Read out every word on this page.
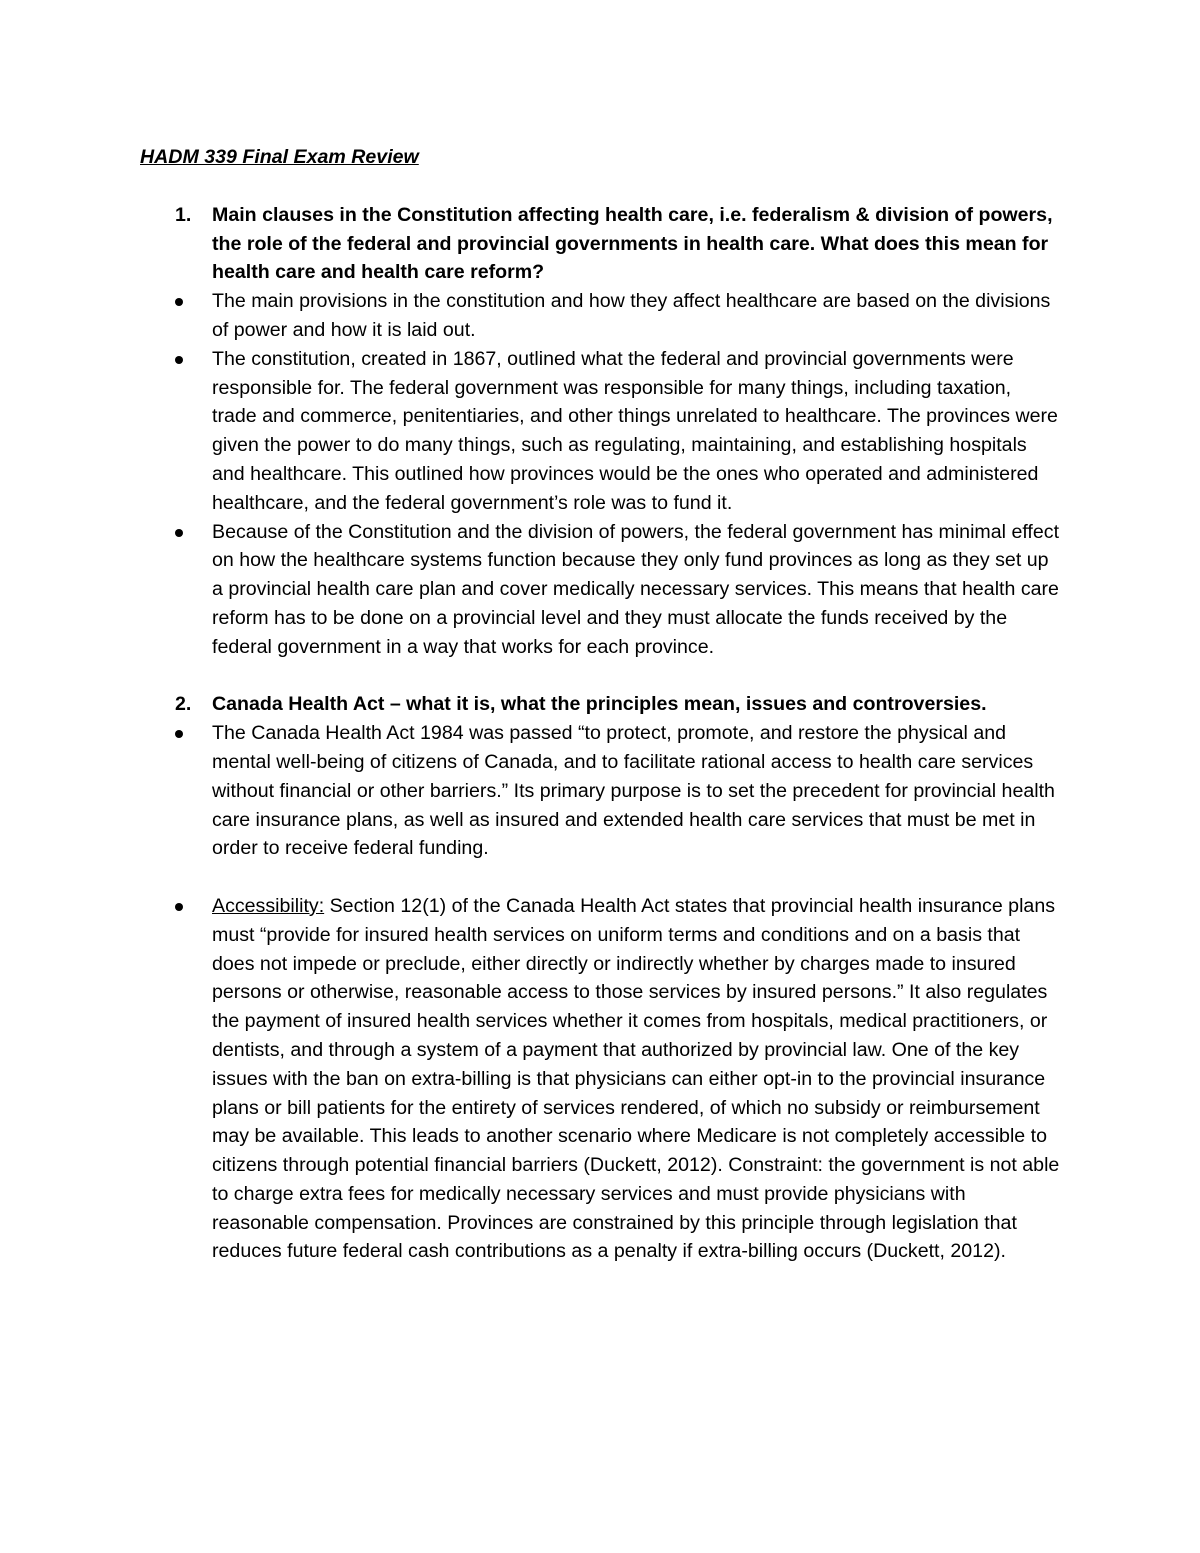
HADM 339 Final Exam Review
1. Main clauses in the Constitution affecting health care, i.e. federalism & division of powers, the role of the federal and provincial governments in health care. What does this mean for health care and health care reform?
The main provisions in the constitution and how they affect healthcare are based on the divisions of power and how it is laid out.
The constitution, created in 1867, outlined what the federal and provincial governments were responsible for. The federal government was responsible for many things, including taxation, trade and commerce, penitentiaries, and other things unrelated to healthcare. The provinces were given the power to do many things, such as regulating, maintaining, and establishing hospitals and healthcare. This outlined how provinces would be the ones who operated and administered healthcare, and the federal government’s role was to fund it.
Because of the Constitution and the division of powers, the federal government has minimal effect on how the healthcare systems function because they only fund provinces as long as they set up a provincial health care plan and cover medically necessary services. This means that health care reform has to be done on a provincial level and they must allocate the funds received by the federal government in a way that works for each province.
2. Canada Health Act – what it is, what the principles mean, issues and controversies.
The Canada Health Act 1984 was passed “to protect, promote, and restore the physical and mental well-being of citizens of Canada, and to facilitate rational access to health care services without financial or other barriers.” Its primary purpose is to set the precedent for provincial health care insurance plans, as well as insured and extended health care services that must be met in order to receive federal funding.
Accessibility: Section 12(1) of the Canada Health Act states that provincial health insurance plans must “provide for insured health services on uniform terms and conditions and on a basis that does not impede or preclude, either directly or indirectly whether by charges made to insured persons or otherwise, reasonable access to those services by insured persons.” It also regulates the payment of insured health services whether it comes from hospitals, medical practitioners, or dentists, and through a system of a payment that authorized by provincial law. One of the key issues with the ban on extra-billing is that physicians can either opt-in to the provincial insurance plans or bill patients for the entirety of services rendered, of which no subsidy or reimbursement may be available. This leads to another scenario where Medicare is not completely accessible to citizens through potential financial barriers (Duckett, 2012). Constraint: the government is not able to charge extra fees for medically necessary services and must provide physicians with reasonable compensation. Provinces are constrained by this principle through legislation that reduces future federal cash contributions as a penalty if extra-billing occurs (Duckett, 2012).
